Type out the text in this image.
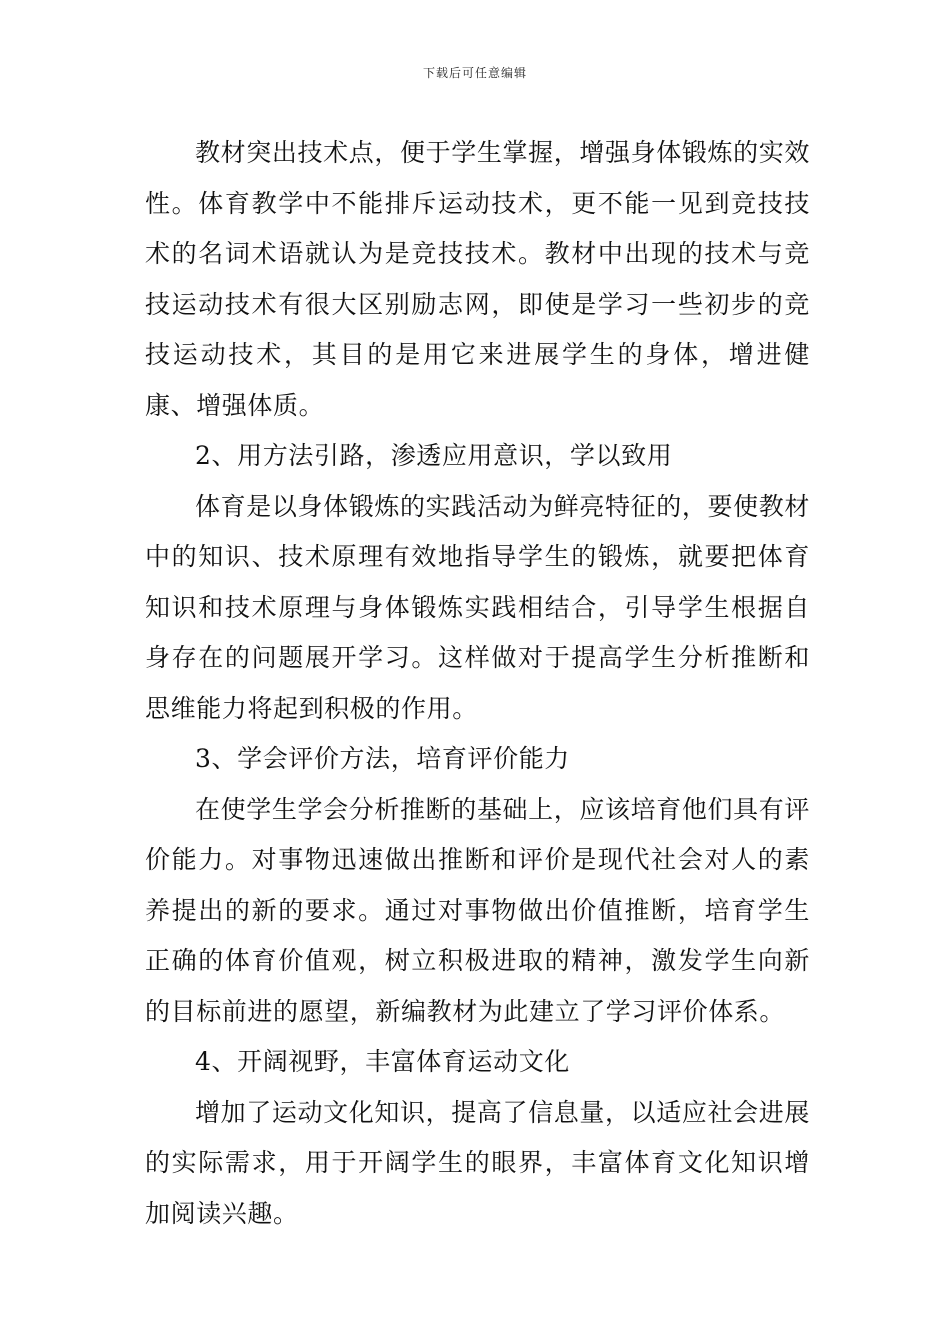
下载后可任意编辑

教材突出技术点，便于学生掌握，增强身体锻炼的实效性。体育教学中不能排斥运动技术，更不能一见到竞技技术的名词术语就认为是竞技技术。教材中出现的技术与竞技运动技术有很大区别励志网，即使是学习一些初步的竞技运动技术，其目的是用它来进展学生的身体，增进健康、增强体质。

2、用方法引路，渗透应用意识，学以致用

体育是以身体锻炼的实践活动为鲜亮特征的，要使教材中的知识、技术原理有效地指导学生的锻炼，就要把体育知识和技术原理与身体锻炼实践相结合，引导学生根据自身存在的问题展开学习。这样做对于提高学生分析推断和思维能力将起到积极的作用。

3、学会评价方法，培育评价能力

在使学生学会分析推断的基础上，应该培育他们具有评价能力。对事物迅速做出推断和评价是现代社会对人的素养提出的新的要求。通过对事物做出价值推断，培育学生正确的体育价值观，树立积极进取的精神，激发学生向新的目标前进的愿望，新编教材为此建立了学习评价体系。

4、开阔视野，丰富体育运动文化

增加了运动文化知识，提高了信息量，以适应社会进展的实际需求，用于开阔学生的眼界，丰富体育文化知识增加阅读兴趣。
